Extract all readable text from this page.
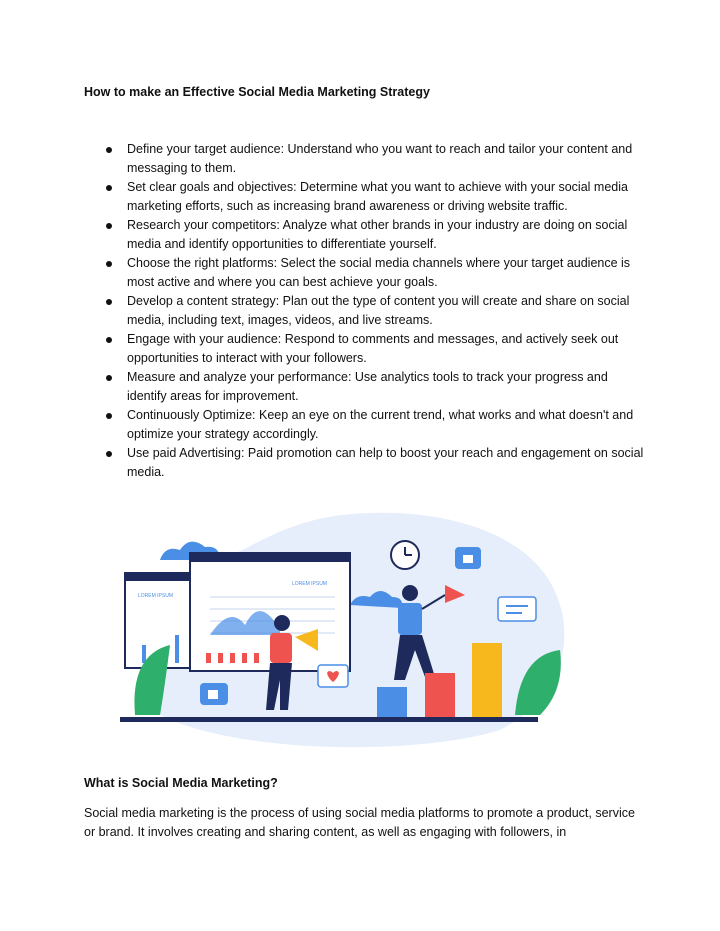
How to make an Effective Social Media Marketing Strategy
Define your target audience: Understand who you want to reach and tailor your content and messaging to them.
Set clear goals and objectives: Determine what you want to achieve with your social media marketing efforts, such as increasing brand awareness or driving website traffic.
Research your competitors: Analyze what other brands in your industry are doing on social media and identify opportunities to differentiate yourself.
Choose the right platforms: Select the social media channels where your target audience is most active and where you can best achieve your goals.
Develop a content strategy: Plan out the type of content you will create and share on social media, including text, images, videos, and live streams.
Engage with your audience: Respond to comments and messages, and actively seek out opportunities to interact with your followers.
Measure and analyze your performance: Use analytics tools to track your progress and identify areas for improvement.
Continuously Optimize: Keep an eye on the current trend, what works and what doesn't and optimize your strategy accordingly.
Use paid Advertising: Paid promotion can help to boost your reach and engagement on social media.
LOREM IPSUM
LOREM IPSUM
What is Social Media Marketing?
Social media marketing is the process of using social media platforms to promote a product, service or brand. It involves creating and sharing content, as well as engaging with followers, in
